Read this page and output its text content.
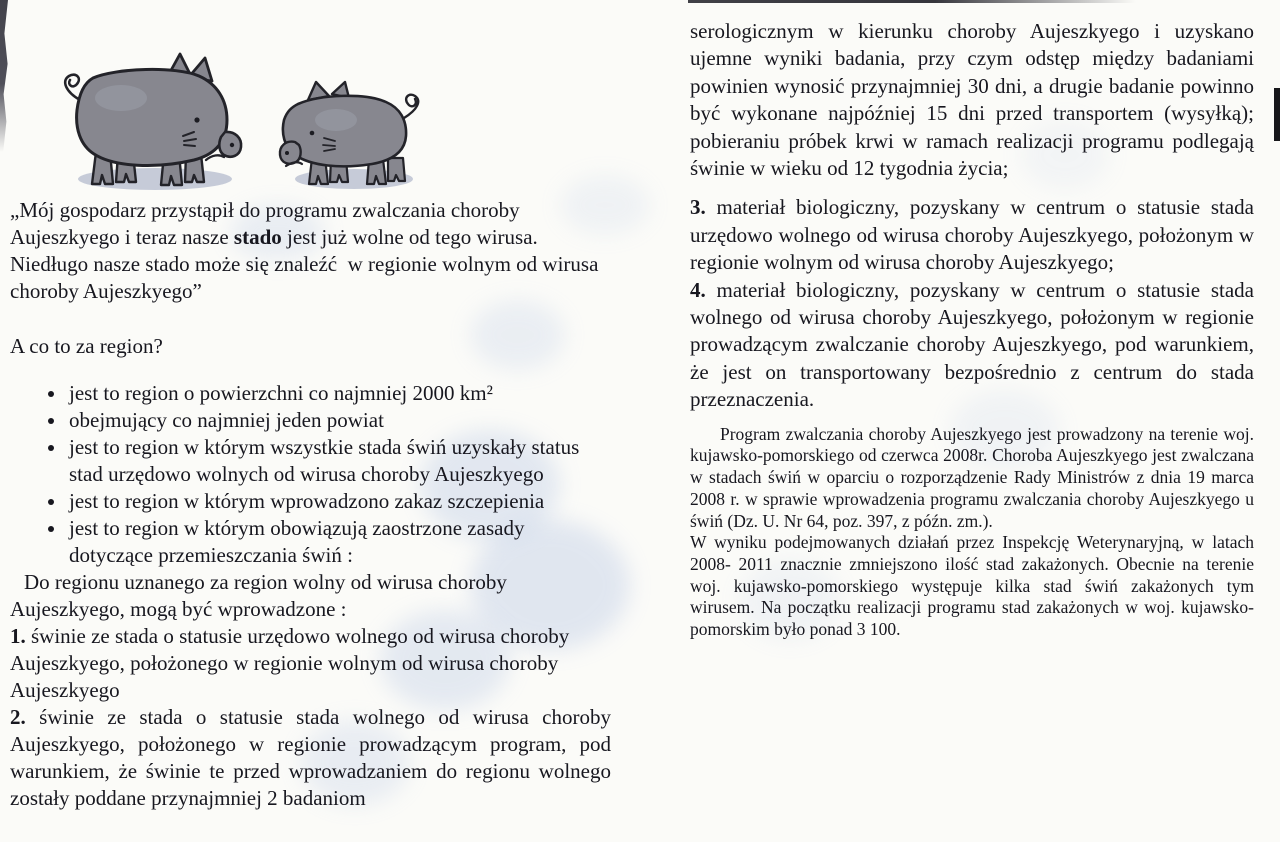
„Mój gospodarz przystąpił do programu zwalczania choroby Aujeszkyego i teraz nasze stado jest już wolne od tego wirusa.  Niedługo nasze stado może się znaleźć  w regionie wolnym od wirusa choroby Aujeszkyego”

A co to za region?

• jest to region o powierzchni co najmniej 2000 km²
• obejmujący co najmniej jeden powiat
• jest to region w którym wszystkie stada świń uzyskały status stad urzędowo wolnych od wirusa choroby Aujeszkyego
• jest to region w którym wprowadzono zakaz szczepienia
• jest to region w którym obowiązują zaostrzone zasady dotyczące przemieszczania świń :

Do regionu uznanego za region wolny od wirusa choroby Aujeszkyego, mogą być wprowadzone :

1. świnie ze stada o statusie urzędowo wolnego od wirusa choroby Aujeszkyego, położonego w regionie wolnym od wirusa choroby Aujeszkyego

2. świnie ze stada o statusie stada wolnego od wirusa choroby Aujeszkyego, położonego w regionie prowadzącym program, pod warunkiem, że świnie te przed wprowadzaniem do regionu wolnego zostały poddane przynajmniej 2 badaniom

serologicznym w kierunku choroby Aujeszkyego i uzyskano ujemne wyniki badania, przy czym odstęp między badaniami powinien wynosić przynajmniej 30 dni, a drugie badanie powinno być wykonane najpóźniej 15 dni przed transportem (wysyłką); pobieraniu próbek krwi w ramach realizacji programu podlegają świnie w wieku od 12 tygodnia życia;

3. materiał biologiczny, pozyskany w centrum o statusie stada urzędowo wolnego od wirusa choroby Aujeszkyego, położonym w regionie wolnym od wirusa choroby Aujeszkyego;

4. materiał biologiczny, pozyskany w centrum o statusie stada wolnego od wirusa choroby Aujeszkyego, położonym w regionie prowadzącym zwalczanie choroby Aujeszkyego, pod warunkiem, że jest on transportowany bezpośrednio z centrum do stada przeznaczenia.

Program zwalczania choroby Aujeszkyego jest prowadzony na terenie woj. kujawsko-pomorskiego od czerwca 2008r. Choroba Aujeszkyego jest zwalczana w stadach świń w oparciu o rozporządzenie Rady Ministrów z dnia 19 marca 2008 r. w sprawie wprowadzenia programu zwalczania choroby Aujeszkyego u świń (Dz. U. Nr 64, poz. 397, z późn. zm.).

W wyniku podejmowanych działań przez Inspekcję Weterynaryjną, w latach 2008- 2011 znacznie zmniejszono ilość stad zakażonych. Obecnie na terenie woj. kujawsko-pomorskiego występuje kilka stad świń zakażonych tym wirusem. Na początku realizacji programu stad zakażonych w woj. kujawsko-pomorskim było ponad 3 100.
